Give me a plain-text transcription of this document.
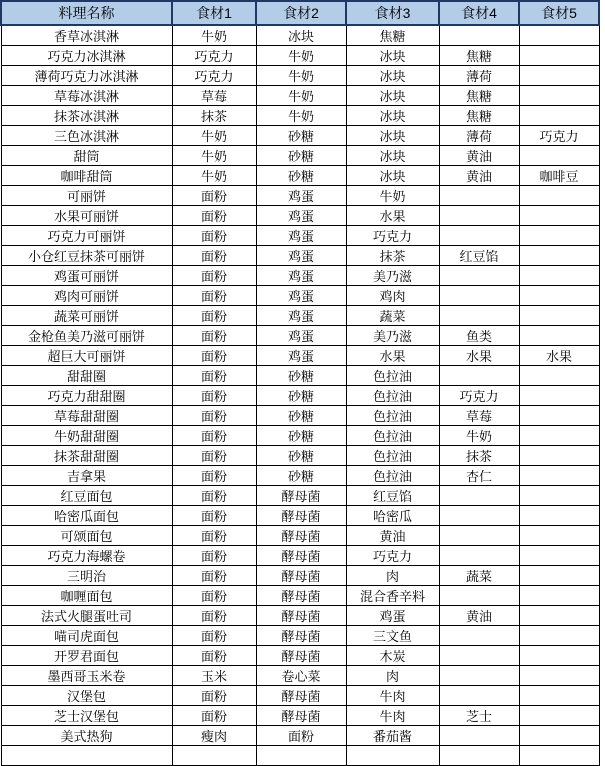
料理名称	食材1	食材2	食材3	食材4	食材5
香草冰淇淋	牛奶	冰块	焦糖		
巧克力冰淇淋	巧克力	牛奶	冰块	焦糖	
薄荷巧克力冰淇淋	巧克力	牛奶	冰块	薄荷	
草莓冰淇淋	草莓	牛奶	冰块	焦糖	
抹茶冰淇淋	抹茶	牛奶	冰块	焦糖	
三色冰淇淋	牛奶	砂糖	冰块	薄荷	巧克力
甜筒	牛奶	砂糖	冰块	黄油	
咖啡甜筒	牛奶	砂糖	冰块	黄油	咖啡豆
可丽饼	面粉	鸡蛋	牛奶		
水果可丽饼	面粉	鸡蛋	水果		
巧克力可丽饼	面粉	鸡蛋	巧克力		
小仓红豆抹茶可丽饼	面粉	鸡蛋	抹茶	红豆馅	
鸡蛋可丽饼	面粉	鸡蛋	美乃滋		
鸡肉可丽饼	面粉	鸡蛋	鸡肉		
蔬菜可丽饼	面粉	鸡蛋	蔬菜		
金枪鱼美乃滋可丽饼	面粉	鸡蛋	美乃滋	鱼类	
超巨大可丽饼	面粉	鸡蛋	水果	水果	水果
甜甜圈	面粉	砂糖	色拉油		
巧克力甜甜圈	面粉	砂糖	色拉油	巧克力	
草莓甜甜圈	面粉	砂糖	色拉油	草莓	
牛奶甜甜圈	面粉	砂糖	色拉油	牛奶	
抹茶甜甜圈	面粉	砂糖	色拉油	抹茶	
吉拿果	面粉	砂糖	色拉油	杏仁	
红豆面包	面粉	酵母菌	红豆馅		
哈密瓜面包	面粉	酵母菌	哈密瓜		
可颂面包	面粉	酵母菌	黄油		
巧克力海螺卷	面粉	酵母菌	巧克力		
三明治	面粉	酵母菌	肉	蔬菜	
咖喱面包	面粉	酵母菌	混合香辛料		
法式火腿蛋吐司	面粉	酵母菌	鸡蛋	黄油	
喵司虎面包	面粉	酵母菌	三文鱼		
开罗君面包	面粉	酵母菌	木炭		
墨西哥玉米卷	玉米	卷心菜	肉		
汉堡包	面粉	酵母菌	牛肉		
芝士汉堡包	面粉	酵母菌	牛肉	芝士	
美式热狗	瘦肉	面粉	番茄酱		
